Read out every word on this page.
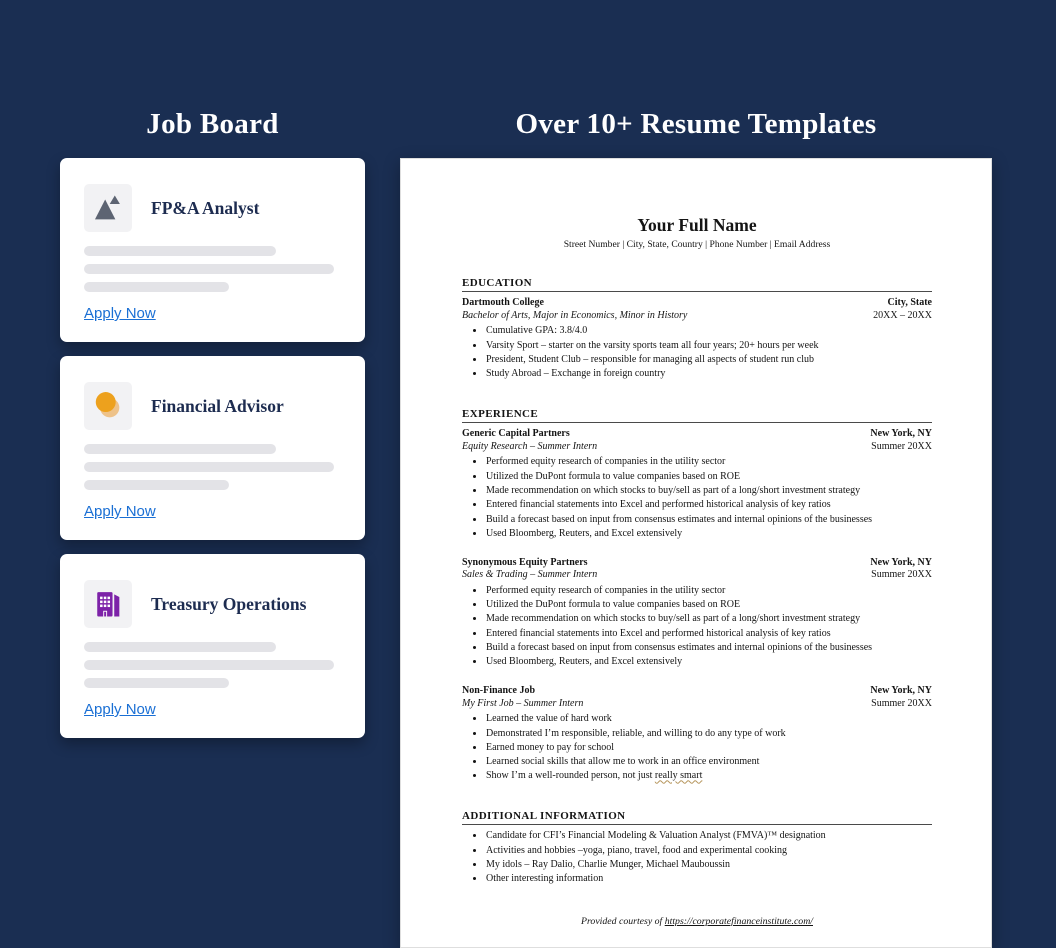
Job Board	Over 10+ Resume Templates
FP&A Analyst
Apply Now
Financial Advisor
Apply Now
Treasury Operations
Apply Now
Your Full Name
Street Number | City, State, Country | Phone Number | Email Address
EDUCATION
Dartmouth College	City, State
Bachelor of Arts, Major in Economics, Minor in History	20XX – 20XX
• Cumulative GPA: 3.8/4.0
• Varsity Sport – starter on the varsity sports team all four years; 20+ hours per week
• President, Student Club – responsible for managing all aspects of student run club
• Study Abroad – Exchange in foreign country
EXPERIENCE
Generic Capital Partners	New York, NY
Equity Research – Summer Intern	Summer 20XX
• Performed equity research of companies in the utility sector
• Utilized the DuPont formula to value companies based on ROE
• Made recommendation on which stocks to buy/sell as part of a long/short investment strategy
• Entered financial statements into Excel and performed historical analysis of key ratios
• Build a forecast based on input from consensus estimates and internal opinions of the businesses
• Used Bloomberg, Reuters, and Excel extensively
Synonymous Equity Partners	New York, NY
Sales & Trading – Summer Intern	Summer 20XX
• Performed equity research of companies in the utility sector
• Utilized the DuPont formula to value companies based on ROE
• Made recommendation on which stocks to buy/sell as part of a long/short investment strategy
• Entered financial statements into Excel and performed historical analysis of key ratios
• Build a forecast based on input from consensus estimates and internal opinions of the businesses
• Used Bloomberg, Reuters, and Excel extensively
Non-Finance Job	New York, NY
My First Job – Summer Intern	Summer 20XX
• Learned the value of hard work
• Demonstrated I’m responsible, reliable, and willing to do any type of work
• Earned money to pay for school
• Learned social skills that allow me to work in an office environment
• Show I’m a well-rounded person, not just really smart
ADDITIONAL INFORMATION
• Candidate for CFI’s Financial Modeling & Valuation Analyst (FMVA)™ designation
• Activities and hobbies –yoga, piano, travel, food and experimental cooking
• My idols – Ray Dalio, Charlie Munger, Michael Mauboussin
• Other interesting information
Provided courtesy of https://corporatefinanceinstitute.com/
